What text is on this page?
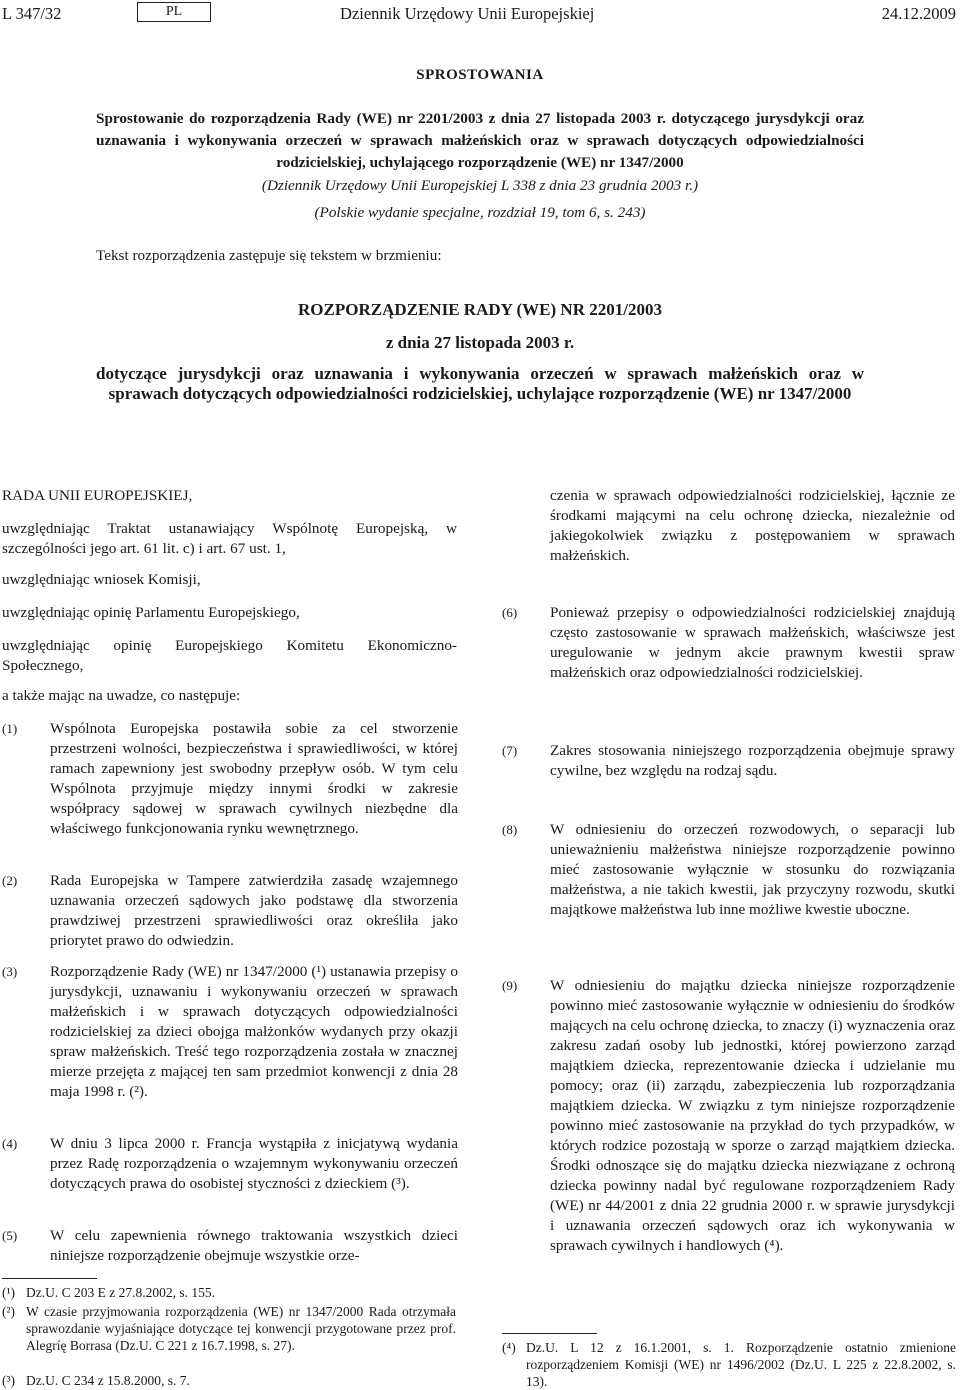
L 347/32	PL	Dziennik Urzędowy Unii Europejskiej	24.12.2009
SPROSTOWANIA
Sprostowanie do rozporządzenia Rady (WE) nr 2201/2003 z dnia 27 listopada 2003 r. dotyczącego jurysdykcji oraz uznawania i wykonywania orzeczeń w sprawach małżeńskich oraz w sprawach dotyczących odpowiedzialności rodzicielskiej, uchylającego rozporządzenie (WE) nr 1347/2000
(Dziennik Urzędowy Unii Europejskiej L 338 z dnia 23 grudnia 2003 r.)
(Polskie wydanie specjalne, rozdział 19, tom 6, s. 243)
Tekst rozporządzenia zastępuje się tekstem w brzmieniu:
ROZPORZĄDZENIE RADY (WE) NR 2201/2003
z dnia 27 listopada 2003 r.
dotyczące jurysdykcji oraz uznawania i wykonywania orzeczeń w sprawach małżeńskich oraz w sprawach dotyczących odpowiedzialności rodzicielskiej, uchylające rozporządzenie (WE) nr 1347/2000
RADA UNII EUROPEJSKIEJ,
uwzględniając Traktat ustanawiający Wspólnotę Europejską, w szczególności jego art. 61 lit. c) i art. 67 ust. 1,
uwzględniając wniosek Komisji,
uwzględniając opinię Parlamentu Europejskiego,
uwzględniając opinię Europejskiego Komitetu Ekonomiczno-Społecznego,
a także mając na uwadze, co następuje:
(1) Wspólnota Europejska postawiła sobie za cel stworzenie przestrzeni wolności, bezpieczeństwa i sprawiedliwości, w której ramach zapewniony jest swobodny przepływ osób. W tym celu Wspólnota przyjmuje między innymi środki w zakresie współpracy sądowej w sprawach cywilnych niezbędne dla właściwego funkcjonowania rynku wewnętrznego.
(2) Rada Europejska w Tampere zatwierdziła zasadę wzajemnego uznawania orzeczeń sądowych jako podstawę dla stworzenia prawdziwej przestrzeni sprawiedliwości oraz określiła jako priorytet prawo do odwiedzin.
(3) Rozporządzenie Rady (WE) nr 1347/2000 (¹) ustanawia przepisy o jurysdykcji, uznawaniu i wykonywaniu orzeczeń w sprawach małżeńskich i w sprawach dotyczących odpowiedzialności rodzicielskiej za dzieci obojga małżonków wydanych przy okazji spraw małżeńskich. Treść tego rozporządzenia została w znacznej mierze przejęta z mającej ten sam przedmiot konwencji z dnia 28 maja 1998 r. (²).
(4) W dniu 3 lipca 2000 r. Francja wystąpiła z inicjatywą wydania przez Radę rozporządzenia o wzajemnym wykonywaniu orzeczeń dotyczących prawa do osobistej styczności z dzieckiem (³).
(5) W celu zapewnienia równego traktowania wszystkich dzieci niniejsze rozporządzenie obejmuje wszystkie orze-
(¹) Dz.U. C 203 E z 27.8.2002, s. 155.
(²) W czasie przyjmowania rozporządzenia (WE) nr 1347/2000 Rada otrzymała sprawozdanie wyjaśniające dotyczące tej konwencji przygotowane przez prof. Alegríę Borrasa (Dz.U. C 221 z 16.7.1998, s. 27).
(³) Dz.U. C 234 z 15.8.2000, s. 7.
czenia w sprawach odpowiedzialności rodzicielskiej, łącznie ze środkami mającymi na celu ochronę dziecka, niezależnie od jakiegokolwiek związku z postępowaniem w sprawach małżeńskich.
(6) Ponieważ przepisy o odpowiedzialności rodzicielskiej znajdują często zastosowanie w sprawach małżeńskich, właściwsze jest uregulowanie w jednym akcie prawnym kwestii spraw małżeńskich oraz odpowiedzialności rodzicielskiej.
(7) Zakres stosowania niniejszego rozporządzenia obejmuje sprawy cywilne, bez względu na rodzaj sądu.
(8) W odniesieniu do orzeczeń rozwodowych, o separacji lub unieważnieniu małżeństwa niniejsze rozporządzenie powinno mieć zastosowanie wyłącznie w stosunku do rozwiązania małżeństwa, a nie takich kwestii, jak przyczyny rozwodu, skutki majątkowe małżeństwa lub inne możliwe kwestie uboczne.
(9) W odniesieniu do majątku dziecka niniejsze rozporządzenie powinno mieć zastosowanie wyłącznie w odniesieniu do środków mających na celu ochronę dziecka, to znaczy (i) wyznaczenia oraz zakresu zadań osoby lub jednostki, której powierzono zarząd majątkiem dziecka, reprezentowanie dziecka i udzielanie mu pomocy; oraz (ii) zarządu, zabezpieczenia lub rozporządzania majątkiem dziecka. W związku z tym niniejsze rozporządzenie powinno mieć zastosowanie na przykład do tych przypadków, w których rodzice pozostają w sporze o zarząd majątkiem dziecka. Środki odnoszące się do majątku dziecka niezwiązane z ochroną dziecka powinny nadal być regulowane rozporządzeniem Rady (WE) nr 44/2001 z dnia 22 grudnia 2000 r. w sprawie jurysdykcji i uznawania orzeczeń sądowych oraz ich wykonywania w sprawach cywilnych i handlowych (⁴).
(⁴) Dz.U. L 12 z 16.1.2001, s. 1. Rozporządzenie ostatnio zmienione rozporządzeniem Komisji (WE) nr 1496/2002 (Dz.U. L 225 z 22.8.2002, s. 13).
